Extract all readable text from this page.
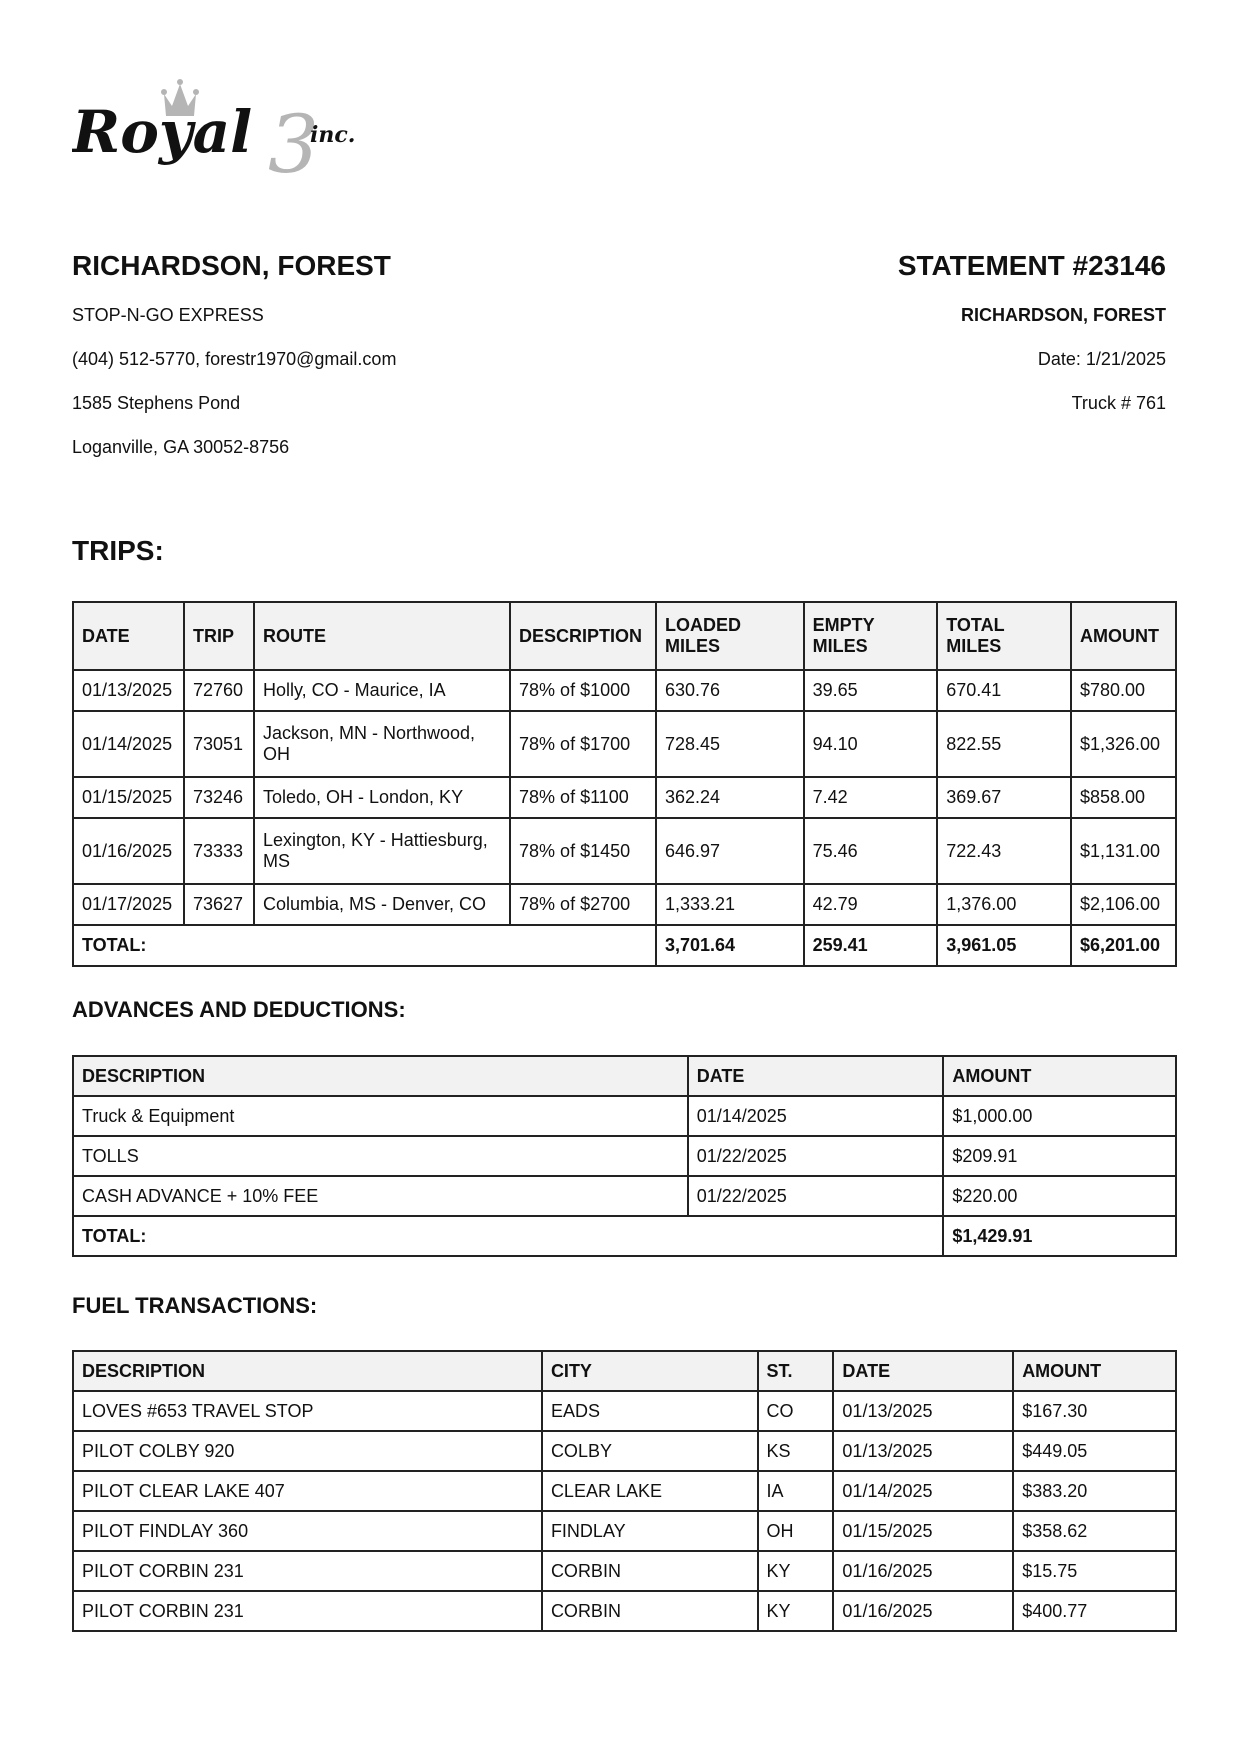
Royal 3
inc.
RICHARDSON, FOREST
STOP-N-GO EXPRESS
(404) 512-5770, forestr1970@gmail.com
1585 Stephens Pond
Loganville, GA 30052-8756
STATEMENT #23146
RICHARDSON, FOREST
Date: 1/21/2025
Truck # 761
TRIPS:
DATE	TRIP	ROUTE	DESCRIPTION	LOADED MILES	EMPTY MILES	TOTAL MILES	AMOUNT
01/13/2025	72760	Holly, CO - Maurice, IA	78% of $1000	630.76	39.65	670.41	$780.00
01/14/2025	73051	Jackson, MN - Northwood, OH	78% of $1700	728.45	94.10	822.55	$1,326.00
01/15/2025	73246	Toledo, OH - London, KY	78% of $1100	362.24	7.42	369.67	$858.00
01/16/2025	73333	Lexington, KY - Hattiesburg, MS	78% of $1450	646.97	75.46	722.43	$1,131.00
01/17/2025	73627	Columbia, MS - Denver, CO	78% of $2700	1,333.21	42.79	1,376.00	$2,106.00
TOTAL:				3,701.64	259.41	3,961.05	$6,201.00
ADVANCES AND DEDUCTIONS:
DESCRIPTION	DATE	AMOUNT
Truck & Equipment	01/14/2025	$1,000.00
TOLLS	01/22/2025	$209.91
CASH ADVANCE + 10% FEE	01/22/2025	$220.00
TOTAL:		$1,429.91
FUEL TRANSACTIONS:
DESCRIPTION	CITY	ST.	DATE	AMOUNT
LOVES #653 TRAVEL STOP	EADS	CO	01/13/2025	$167.30
PILOT COLBY 920	COLBY	KS	01/13/2025	$449.05
PILOT CLEAR LAKE 407	CLEAR LAKE	IA	01/14/2025	$383.20
PILOT FINDLAY 360	FINDLAY	OH	01/15/2025	$358.62
PILOT CORBIN 231	CORBIN	KY	01/16/2025	$15.75
PILOT CORBIN 231	CORBIN	KY	01/16/2025	$400.77
